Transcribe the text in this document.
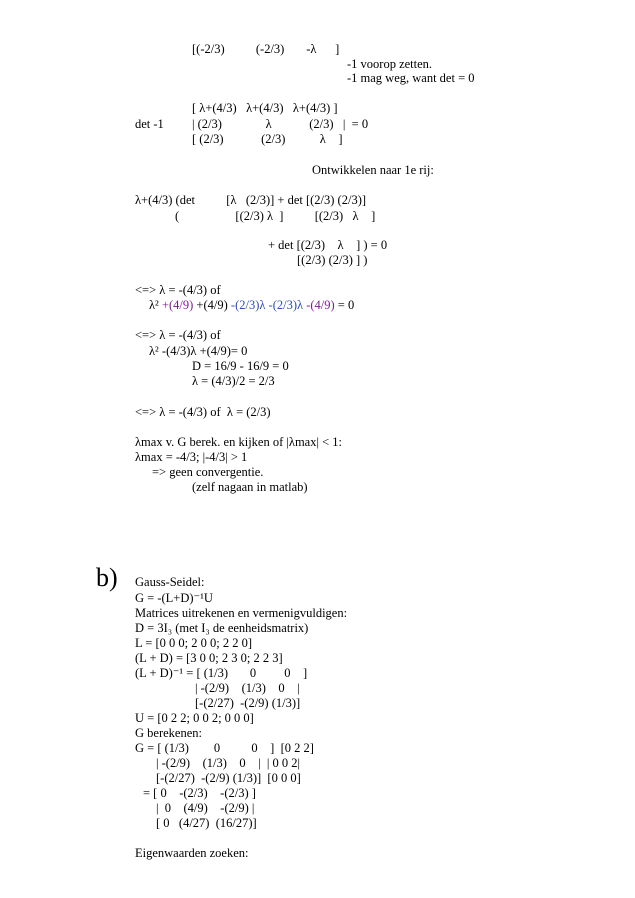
[(-2/3)          (-2/3)       -λ      ]
-1 voorop zetten.
-1 mag weg, want det = 0
[ λ+(4/3)   λ+(4/3)   λ+(4/3) ]
det -1 | (2/3)              λ            (2/3)   |  = 0
[ (2/3)            (2/3)           λ    ]
Ontwikkelen naar 1e rij:
λ+(4/3) (det          [λ   (2/3)] + det [(2/3) (2/3)]
(                  [(2/3) λ  ]          [(2/3)   λ    ]
+ det [(2/3)    λ    ] ) = 0
[(2/3) (2/3) ] )
<=> λ = -(4/3) of
λ² +(4/9) +(4/9) -(2/3)λ -(2/3)λ -(4/9) = 0
<=> λ = -(4/3) of
λ² -(4/3)λ +(4/9)= 0
D = 16/9 - 16/9 = 0
λ = (4/3)/2 = 2/3
<=> λ = -(4/3) of  λ = (2/3)
λmax v. G berek. en kijken of |λmax| < 1:
λmax = -4/3; |-4/3| > 1
=> geen convergentie.
(zelf nagaan in matlab)
b) Gauss-Seidel:
G = -(L+D)⁻¹U
Matrices uitrekenen en vermenigvuldigen:
D = 3I₃ (met I₃ de eenheidsmatrix)
L = [0 0 0; 2 0 0; 2 2 0]
(L + D) = [3 0 0; 2 3 0; 2 2 3]
(L + D)⁻¹ = [ (1/3)       0         0    ]
| -(2/9)    (1/3)    0    |
[-(2/27)  -(2/9) (1/3)]
U = [0 2 2; 0 0 2; 0 0 0]
G berekenen:
G = [ (1/3)        0          0    ]  [0 2 2]
| -(2/9)    (1/3)    0    |  | 0 0 2|
[-(2/27)  -(2/9) (1/3)]  [0 0 0]
= [ 0    -(2/3)    -(2/3) ]
|  0    (4/9)    -(2/9) |
[ 0   (4/27)  (16/27)]
Eigenwaarden zoeken:
